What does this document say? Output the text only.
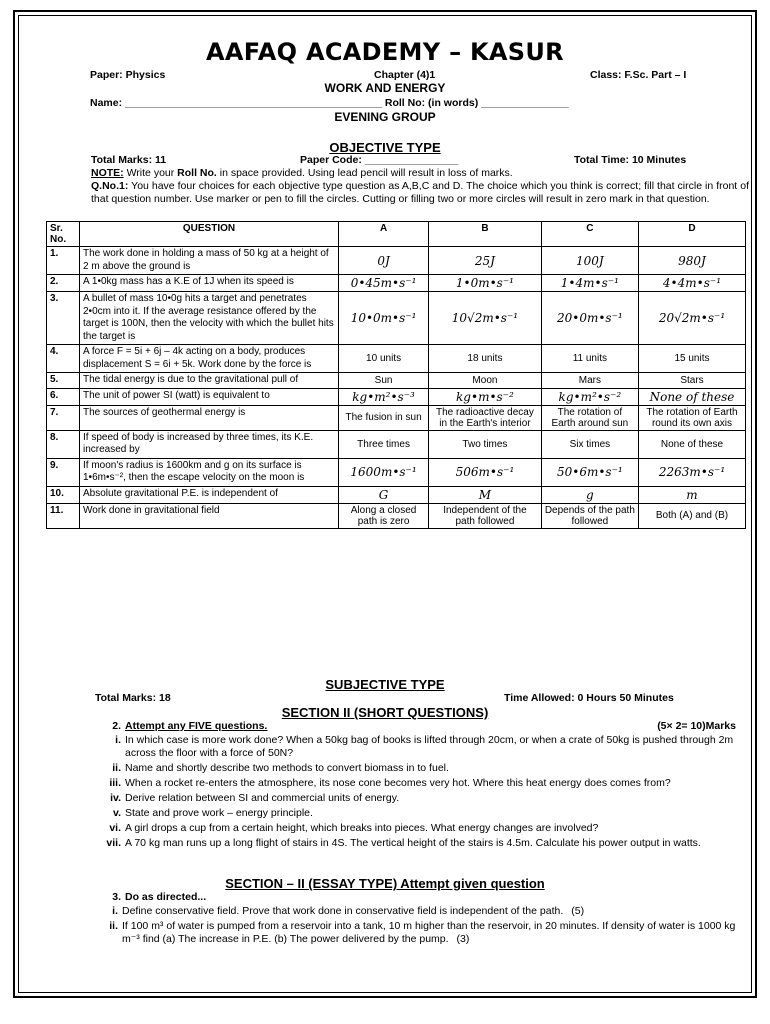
AAFAQ ACADEMY – KASUR
Paper: Physics	Chapter (4)1	Class: F.Sc. Part – I
WORK AND ENERGY
Name: ____________________________________________ Roll No: (in words) _______________
EVENING GROUP
OBJECTIVE TYPE
Total Marks: 11	Paper Code: ________________	Total Time: 10 Minutes
NOTE: Write your Roll No. in space provided. Using lead pencil will result in loss of marks.
Q.No.1: You have four choices for each objective type question as A,B,C and D. The choice which you think is correct; fill that circle in front of that question number. Use marker or pen to fill the circles. Cutting or filling two or more circles will result in zero mark in that question.
Sr. No.	QUESTION	A	B	C	D
1.	The work done in holding a mass of 50 kg at a height of 2 m above the ground is	0J	25J	100J	980J
2.	A 1•0kg mass has a K.E of 1J when its speed is	0•45m•s⁻¹	1•0m•s⁻¹	1•4m•s⁻¹	4•4m•s⁻¹
3.	A bullet of mass 10•0g hits a target and penetrates 2•0cm into it. If the average resistance offered by the target is 100N, then the velocity with which the bullet hits the target is	10•0m•s⁻¹	10√2m•s⁻¹	20•0m•s⁻¹	20√2m•s⁻¹
4.	A force F = 5i + 6j – 4k acting on a body, produces displacement S = 6i + 5k. Work done by the force is	10 units	18 units	11 units	15 units
5.	The tidal energy is due to the gravitational pull of	Sun	Moon	Mars	Stars
6.	The unit of power SI (watt) is equivalent to	kg•m²•s⁻³	kg•m•s⁻²	kg•m²•s⁻²	None of these
7.	The sources of geothermal energy is	The fusion in sun	The radioactive decay in the Earth's interior	The rotation of Earth around sun	The rotation of Earth round its own axis
8.	If speed of body is increased by three times, its K.E. increased by	Three times	Two times	Six times	None of these
9.	If moon's radius is 1600km and g on its surface is 1•6m•s⁻², then the escape velocity on the moon is	1600m•s⁻¹	506m•s⁻¹	50•6m•s⁻¹	2263m•s⁻¹
10.	Absolute gravitational P.E. is independent of	G	M	g	m
11.	Work done in gravitational field	Along a closed path is zero	Independent of the path followed	Depends of the path followed	Both (A) and (B)
SUBJECTIVE TYPE
Total Marks: 18	Time Allowed: 0 Hours 50 Minutes
SECTION II (SHORT QUESTIONS)
2. Attempt any FIVE questions.	(5× 2= 10)Marks
i. In which case is more work done? When a 50kg bag of books is lifted through 20cm, or when a crate of 50kg is pushed through 2m across the floor with a force of 50N?
ii. Name and shortly describe two methods to convert biomass in to fuel.
iii. When a rocket re-enters the atmosphere, its nose cone becomes very hot. Where this heat energy does comes from?
iv. Derive relation between SI and commercial units of energy.
v. State and prove work – energy principle.
vi. A girl drops a cup from a certain height, which breaks into pieces. What energy changes are involved?
vii. A 70 kg man runs up a long flight of stairs in 4S. The vertical height of the stairs is 4.5m. Calculate his power output in watts.
SECTION – II (ESSAY TYPE) Attempt given question
3. Do as directed...
i. Define conservative field. Prove that work done in conservative field is independent of the path. (5)
ii. If 100 m³ of water is pumped from a reservoir into a tank, 10 m higher than the reservoir, in 20 minutes. If density of water is 1000 kg m⁻³ find (a) The increase in P.E. (b) The power delivered by the pump. (3)
